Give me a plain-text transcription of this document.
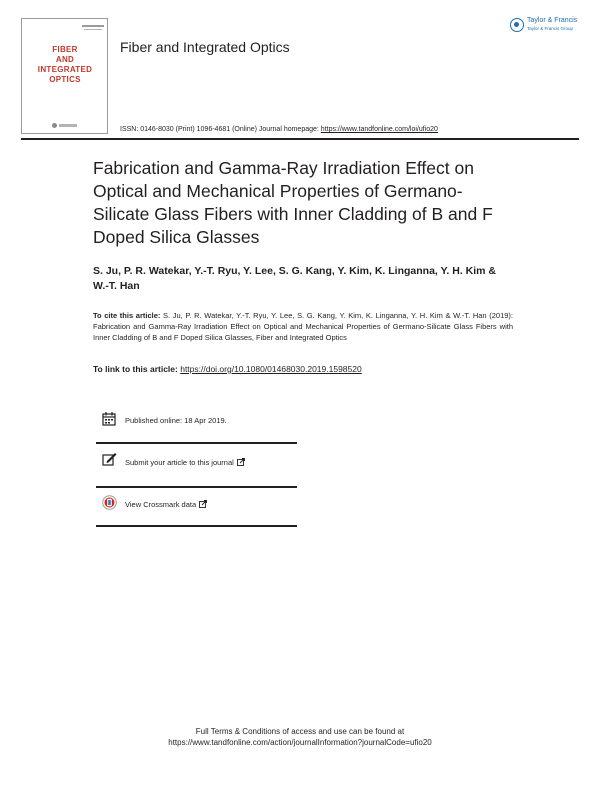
FIBER
AND
INTEGRATED
OPTICS
Fiber and Integrated Optics
Taylor & Francis
Taylor & Francis Group
ISSN: 0146-8030 (Print) 1096-4681 (Online) Journal homepage: https://www.tandfonline.com/loi/ufio20
Fabrication and Gamma-Ray Irradiation Effect on Optical and Mechanical Properties of Germano-Silicate Glass Fibers with Inner Cladding of B and F Doped Silica Glasses
S. Ju, P. R. Watekar, Y.-T. Ryu, Y. Lee, S. G. Kang, Y. Kim, K. Linganna, Y. H. Kim & W.-T. Han
To cite this article: S. Ju, P. R. Watekar, Y.-T. Ryu, Y. Lee, S. G. Kang, Y. Kim, K. Linganna, Y. H. Kim & W.-T. Han (2019): Fabrication and Gamma-Ray Irradiation Effect on Optical and Mechanical Properties of Germano-Silicate Glass Fibers with Inner Cladding of B and F Doped Silica Glasses, Fiber and Integrated Optics
To link to this article: https://doi.org/10.1080/01468030.2019.1598520
Published online: 18 Apr 2019.
Submit your article to this journal
View Crossmark data
Full Terms & Conditions of access and use can be found at
https://www.tandfonline.com/action/journalInformation?journalCode=ufio20
